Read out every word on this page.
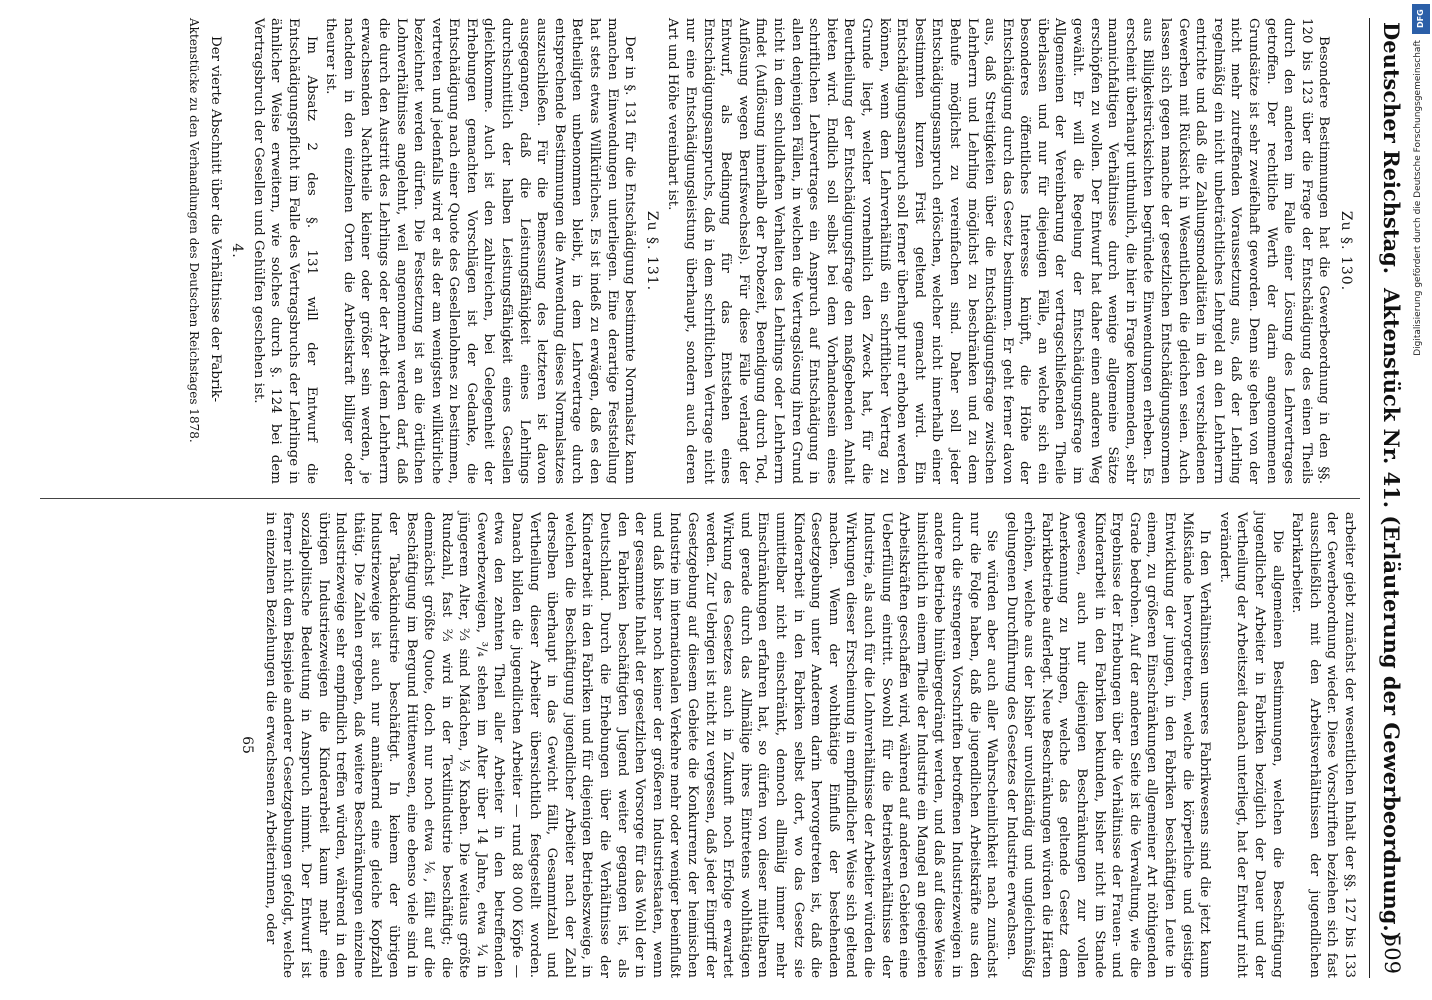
Deutscher Reichstag.
Aktenstück Nr. 41. (Erläuterung der Gewerbeordnung.)
509
Zu §. 130.

Besondere Bestimmungen hat die Gewerbeordnung in den §§. 120 bis 123 über die Frage der Entschädigung des einen Theils durch den anderen im Falle einer Lösung des Lehrvertrages getroffen. Der rechtliche Werth der darin angenommenen Grundsätze ist sehr zweifelhaft geworden. Denn sie gehen von der nicht mehr zutreffenden Voraussetzung aus, daß der Lehrling regelmäßig ein nicht unbeträchtliches Lehrgeld an den Lehrherrn entrichte und daß die Zahlungsmodalitäten in den verschiedenen Gewerben mit Rücksicht in Wesentlichen die gleichen seien. Auch lassen sich gegen manche der gesetzlichen Entschädigungsnormen aus Billigkeitsrücksichten begründete Einwendungen erheben. Es erscheint überhaupt unthunlich, die hier in Frage kommenden, sehr mannichfaltigen Verhältnisse durch wenige allgemeine Sätze erschöpfen zu wollen. Der Entwurf hat daher einen anderen Weg gewählt. Er will die Regelung der Entschädigungsfrage im Allgemeinen der Vereinbarung der vertragschließenden Theile überlassen und nur für diejenigen Fälle, an welche sich ein besonderes öffentliches Interesse knüpft, die Höhe der Entschädigung durch das Gesetz bestimmen. Er geht ferner davon aus, daß Streitigkeiten über die Entschädigungsfrage zwischen Lehrherrn und Lehrling möglichst zu beschränken und zu dem Behufe möglichst zu vereinfachen sind. Daher soll jeder Entschädigungsanspruch erlöschen, welcher nicht innerhalb einer bestimmten kurzen Frist geltend gemacht wird. Ein Entschädigungsanspruch soll ferner überhaupt nur erhoben werden können, wenn dem Lehrverhältniß ein schriftlicher Vertrag zu Grunde liegt, welcher vornehmlich den Zweck hat, für die Beurtheilung der Entschädigungsfrage den maßgebenden Anhalt bieten wird. Endlich soll selbst bei dem Vorhandensein eines schriftlichen Lehrvertrages ein Anspruch auf Entschädigung in allen denjenigen Fällen, in welchen die Vertragslösung ihren Grund nicht in dem schuldhaften Verhalten des Lehrlings oder Lehrherrn findet (Auflösung innerhalb der Probezeit, Beendigung durch Tod, Auflösung wegen Berufswechsels). Für diese Fälle verlangt der Entwurf, als Bedingung für das Entstehen eines Entschädigungsanspruchs, daß in dem schriftlichen Vertrage nicht nur eine Entschädigungsleistung überhaupt, sondern auch deren Art und Höhe vereinbart ist.

Zu §. 131.

Der in §. 131 für die Entschädigung bestimmte Normalsatz kann manchen Einwendungen unterliegen. Eine derartige Feststellung hat stets etwas Willkürliches. Es ist indeß zu erwägen, daß es den Betheiligten unbenommen bleibt, in dem Lehrvertrage durch entsprechende Bestimmungen die Anwendung dieses Normalsatzes auszuschließen. Für die Bemessung des letzteren ist davon ausgegangen, daß die Leistungsfähigkeit eines Lehrlings durchschnittlich der halben Leistungsfähigkeit eines Gesellen gleichkomme. Auch ist den zahlreichen, bei Gelegenheit der Erhebungen gemachten Vorschlägen ist der Gedanke, die Entschädigung nach einer Quote des Gesellenlohnes zu bestimmen, vertreten und jedenfalls wird er als der am wenigsten willkürliche bezeichnet werden dürfen. Die Festsetzung ist an die örtlichen Lohnverhältnisse angelehnt, weil angenommen werden darf, daß die durch den Austritt des Lehrlings oder der Arbeit dem Lehrherrn erwachsenden Nachtheile kleiner oder größer sein werden, je nachdem in den einzelnen Orten die Arbeitskraft billiger oder theurer ist.

Im Absatz 2 des §. 131 will der Entwurf die Entschädigungspflicht im Falle des Vertragsbruchs der Lehrlinge in ähnlicher Weise erweitern, wie solches durch §. 124 bei dem Vertragsbruch der Gesellen und Gehülfen geschehen ist.

4.

Der vierte Abschnitt über die Verhältnisse der Fabrik-

Aktenstücke zu den Verhandlungen des Deutschen Reichstages 1878.

arbeiter giebt zunächst der wesentlichen Inhalt der §§. 127 bis 133 der Gewerbeordnung wieder. Diese Vorschriften beziehen sich fast ausschließlich mit den Arbeitsverhältnissen der jugendlichen Fabrikarbeiter.

Die allgemeinen Bestimmungen, welchen die Beschäftigung jugendlicher Arbeiter in Fabriken bezüglich der Dauer und der Vertheilung der Arbeitszeit danach unterliegt, hat der Entwurf nicht verändert.

In den Verhältnissen unseres Fabrikwesens sind die jetzt kaum Mißstände hervorgetreten, welche die körperliche und geistige Entwicklung der jungen, in den Fabriken beschäftigten Leute in einem, zu größeren Einschränkungen allgemeiner Art nöthigenden Grade bedrohen. Auf der anderen Seite ist die Verwaltung, wie die Ergebnisse der Erhebungen über die Verhältnisse der Frauen- und Kinderarbeit in den Fabriken bekunden, bisher nicht im Stande gewesen, auch nur diejenigen Beschränkungen zur vollen Anerkennung zu bringen, welche das geltende Gesetz dem Fabrikbetriebe auferlegt. Neue Beschränkungen würden die Härten erhöhen, welche aus der bisher unvollständig und ungleichmäßig gelungenen Durchführung des Gesetzes der Industrie erwachsen.

Sie würden aber auch aller Wahrscheinlichkeit nach zunächst nur die Folge haben, daß die jugendlichen Arbeitskräfte aus den durch die strengeren Vorschriften betroffenen Industriezweigen in andere Betriebe hinübergedrängt werden, und daß auf diese Weise hinsichtlich in einem Theile der Industrie ein Mangel an geeigneten Arbeitskräften geschaffen wird, während auf anderen Gebieten eine Ueberfüllung eintritt. Sowohl für die Betriebsverhältnisse der Industrie, als auch für die Lohnverhältnisse der Arbeiter würden die Wirkungen dieser Erscheinung in empfindlicher Weise sich geltend machen. Wenn der wohlthätige Einfluß der bestehenden Gesetzgebung unter Anderem darin hervorgetreten ist, daß die Kinderarbeit in den Fabriken selbst dort, wo das Gesetz sie unmittelbar nicht einschränkt, dennoch allmälig immer mehr Einschränkungen erfahren hat, so dürfen von dieser mittelbaren und gerade durch das Allmälige ihres Eintretens wohlthätigen Wirkung des Gesetzes auch in Zukunft noch Erfolge erwartet werden. Zur Uebrigen ist nicht zu vergessen, daß jeder Eingriff der Gesetzgebung auf diesem Gebiete die Konkurrenz der heimischen Industrie im internationalen Verkehre mehr oder weniger beeinflußt und daß bisher noch keiner der größeren Industriestaaten, wenn der gesammte Inhalt der gesetzlichen Vorsorge für das Wohl der in den Fabriken beschäftigten Jugend weiter gegangen ist, als Deutschland. Durch die Erhebungen über die Verhältnisse der Kinderarbeit in den Fabriken und für diejenigen Betriebszweige, in welchen die Beschäftigung jugendlicher Arbeiter nach der Zahl derselben überhaupt in das Gewicht fällt, Gesammtzahl und Vertheilung dieser Arbeiter übersichtlich festgestellt worden. Danach bilden die jugendlichen Arbeiter — rund 88 000 Köpfe — etwa den zehnten Theil aller Arbeiter in den betreffenden Gewerbezweigen, ³/₄ stehen im Alter über 14 Jahre, etwa ¼ in jüngerem Alter, ⅔ sind Mädchen, ⅓ Knaben. Die weitaus größte Rundzahl, fast ⅔ wird in der Textilindustrie beschäftigt; die demnächst größte Quote, doch nur noch etwa ⅙, fällt auf die Beschäftigung im Bergund Hüttenwesen, eine ebenso viele sind in der Tabackindustrie beschäftigt. In keinem der übrigen Industriezweige ist auch nur annähernd eine gleiche Kopfzahl thätig. Die Zahlen ergeben, daß weitere Beschränkungen einzelne Industriezweige sehr empfindlich treffen würden, während in den übrigen Industriezweigen die Kinderarbeit kaum mehr eine sozialpolitische Bedeutung in Anspruch nimmt. Der Entwurf ist ferner nicht dem Beispiele anderer Gesetzgebungen gefolgt, welche in einzelnen Beziehungen die erwachsenen Arbeiterinnen, oder

65
DFG
Digitalisierung gefördert durch die Deutsche Forschungsgemeinschaft
